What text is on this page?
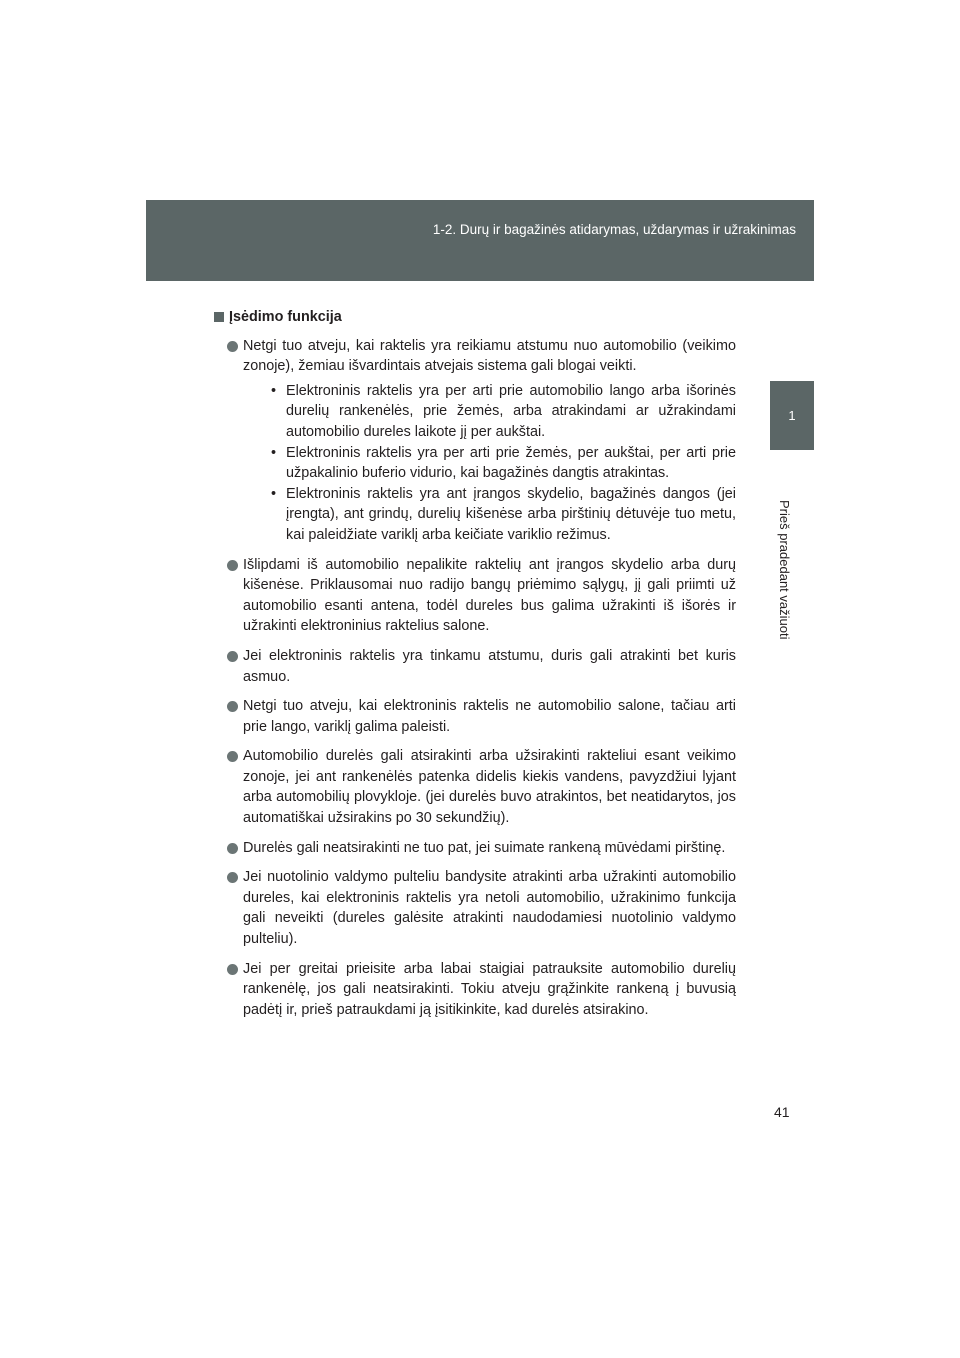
1-2. Durų ir bagažinės atidarymas, uždarymas ir užrakinimas
1
Prieš pradedant važiuoti
Įsėdimo funkcija
Netgi tuo atveju, kai raktelis yra reikiamu atstumu nuo automobilio (veikimo zonoje), žemiau išvardintais atvejais sistema gali blogai veikti.
• Elektroninis raktelis yra per arti prie automobilio lango arba išorinės durelių rankenėlės, prie žemės, arba atrakindami ar užrakindami automobilio dureles laikote jį per aukštai.
• Elektroninis raktelis yra per arti prie žemės, per aukštai, per arti prie užpakalinio buferio vidurio, kai bagažinės dangtis atrakintas.
• Elektroninis raktelis yra ant įrangos skydelio, bagažinės dangos (jei įrengta), ant grindų, durelių kišenėse arba pirštinių dėtuvėje tuo metu, kai paleidžiate variklį arba keičiate variklio režimus.
Išlipdami iš automobilio nepalikite raktelių ant įrangos skydelio arba durų kišenėse. Priklausomai nuo radijo bangų priėmimo sąlygų, jį gali priimti už automobilio esanti antena, todėl dureles bus galima užrakinti iš išorės ir užrakinti elektroninius raktelius salone.
Jei elektroninis raktelis yra tinkamu atstumu, duris gali atrakinti bet kuris asmuo.
Netgi tuo atveju, kai elektroninis raktelis ne automobilio salone, tačiau arti prie lango, variklį galima paleisti.
Automobilio durelės gali atsirakinti arba užsirakinti rakteliui esant veikimo zonoje, jei ant rankenėlės patenka didelis kiekis vandens, pavyzdžiui lyjant arba automobilių plovykloje. (jei durelės buvo atrakintos, bet neatidarytos, jos automatiškai užsirakins po 30 sekundžių).
Durelės gali neatsirakinti ne tuo pat, jei suimate rankeną mūvėdami pirštinę.
Jei nuotolinio valdymo pulteliu bandysite atrakinti arba užrakinti automobilio dureles, kai elektroninis raktelis yra netoli automobilio, užrakinimo funkcija gali neveikti (dureles galėsite atrakinti naudodamiesi nuotolinio valdymo pulteliu).
Jei per greitai prieisite arba labai staigiai patrauksite automobilio durelių rankenėlę, jos gali neatsirakinti. Tokiu atveju grąžinkite rankeną į buvusią padėtį ir, prieš patraukdami ją įsitikinkite, kad durelės atsirakino.
41
